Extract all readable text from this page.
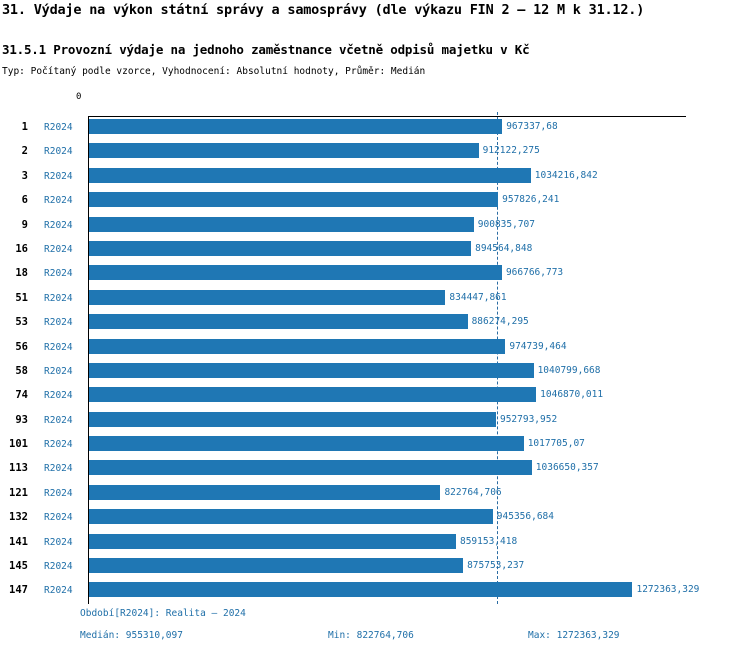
31. Výdaje na výkon státní správy a samosprávy (dle výkazu FIN 2 – 12 M k 31.12.)
31.5.1 Provozní výdaje na jednoho zaměstnance včetně odpisů majetku v Kč
Typ: Počítaný podle vzorce, Vyhodnocení: Absolutní hodnoty, Průměr: Medián
0
1 R2024	967337,68
2 R2024	912122,275
3 R2024	1034216,842
6 R2024	957826,241
9 R2024	900835,707
16 R2024	894564,848
18 R2024	966766,773
51 R2024	834447,861
53 R2024	886274,295
56 R2024	974739,464
58 R2024	1040799,668
74 R2024	1046870,011
93 R2024	952793,952
101 R2024	1017705,07
113 R2024	1036650,357
121 R2024	822764,706
132 R2024	945356,684
141 R2024	859153,418
145 R2024	875753,237
147 R2024	1272363,329
Období[R2024]: Realita – 2024
Medián: 955310,097	Min: 822764,706	Max: 1272363,329
